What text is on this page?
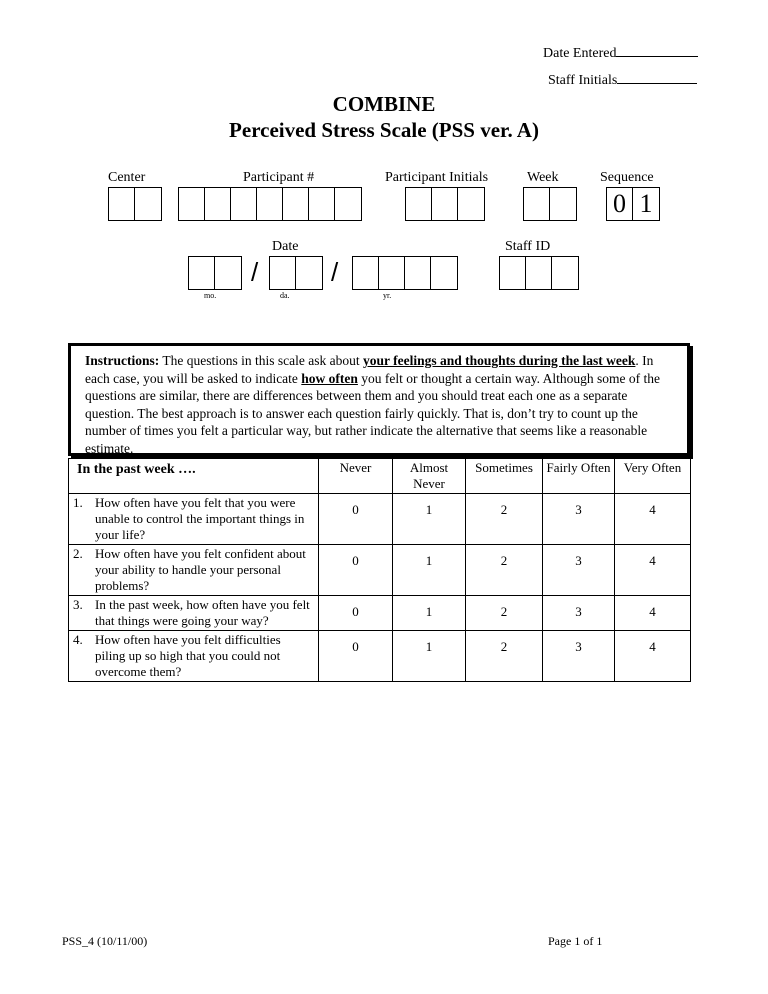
Date Entered
Staff Initials
COMBINE
Perceived Stress Scale (PSS ver. A)
Center	Participant #	Participant Initials	Week	Sequence
0 1
Date	Staff ID
/	/
mo.	da.	yr.
Instructions: The questions in this scale ask about your feelings and thoughts during the last week. In each case, you will be asked to indicate how often you felt or thought a certain way. Although some of the questions are similar, there are differences between them and you should treat each one as a separate question. The best approach is to answer each question fairly quickly. That is, don’t try to count up the number of times you felt a particular way, but rather indicate the alternative that seems like a reasonable estimate.
In the past week ….	Never	Almost Never	Sometimes	Fairly Often	Very Often

1. How often have you felt that you were unable to control the important things in your life?	0	1	2	3	4

2. How often have you felt confident about your ability to handle your personal problems?	0	1	2	3	4

3. In the past week, how often have you felt that things were going your way?	0	1	2	3	4

4. How often have you felt difficulties piling up so high that you could not overcome them?	0	1	2	3	4
PSS_4 (10/11/00)	Page 1 of 1
